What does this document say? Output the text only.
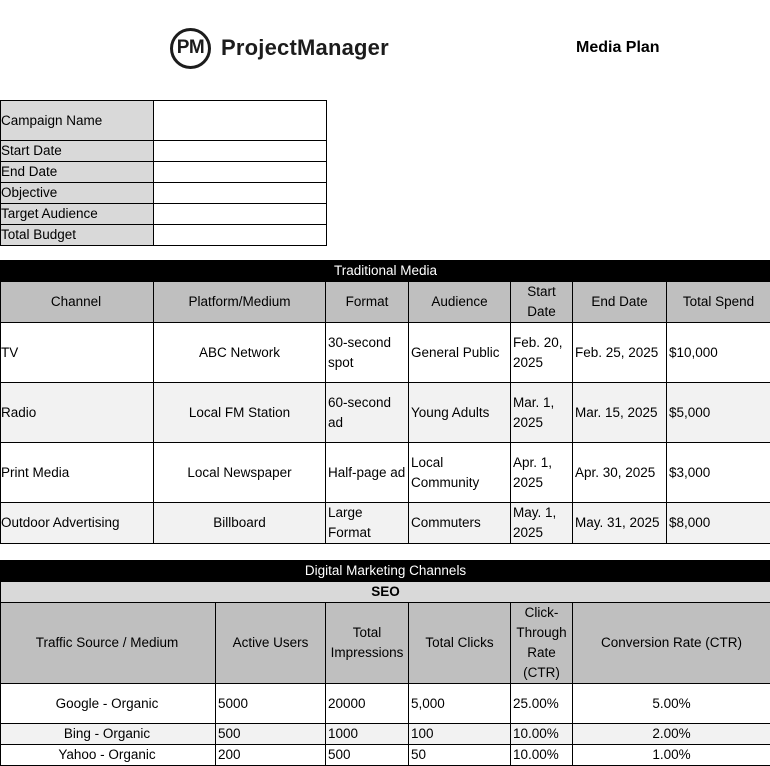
PM ProjectManager	Media Plan
Campaign Name	
Start Date	
End Date	
Objective	
Target Audience	
Total Budget	
Traditional Media						
Channel	Platform/Medium	Format	Audience	Start Date	End Date	Total Spend
TV	ABC Network	30-second spot	General Public	Feb. 20, 2025	Feb. 25, 2025	$10,000
Radio	Local FM Station	60-second ad	Young Adults	Mar. 1, 2025	Mar. 15, 2025	$5,000
Print Media	Local Newspaper	Half-page ad	Local Community	Apr. 1, 2025	Apr. 30, 2025	$3,000
Outdoor Advertising	Billboard	Large Format	Commuters	May. 1, 2025	May. 31, 2025	$8,000
Digital Marketing Channels					
SEO					
Traffic Source / Medium	Active Users	Total Impressions	Total Clicks	Click-Through Rate (CTR)	Conversion Rate (CTR)
Google - Organic	5000	20000	5,000	25.00%	5.00%
Bing - Organic	500	1000	100	10.00%	2.00%
Yahoo - Organic	200	500	50	10.00%	1.00%
